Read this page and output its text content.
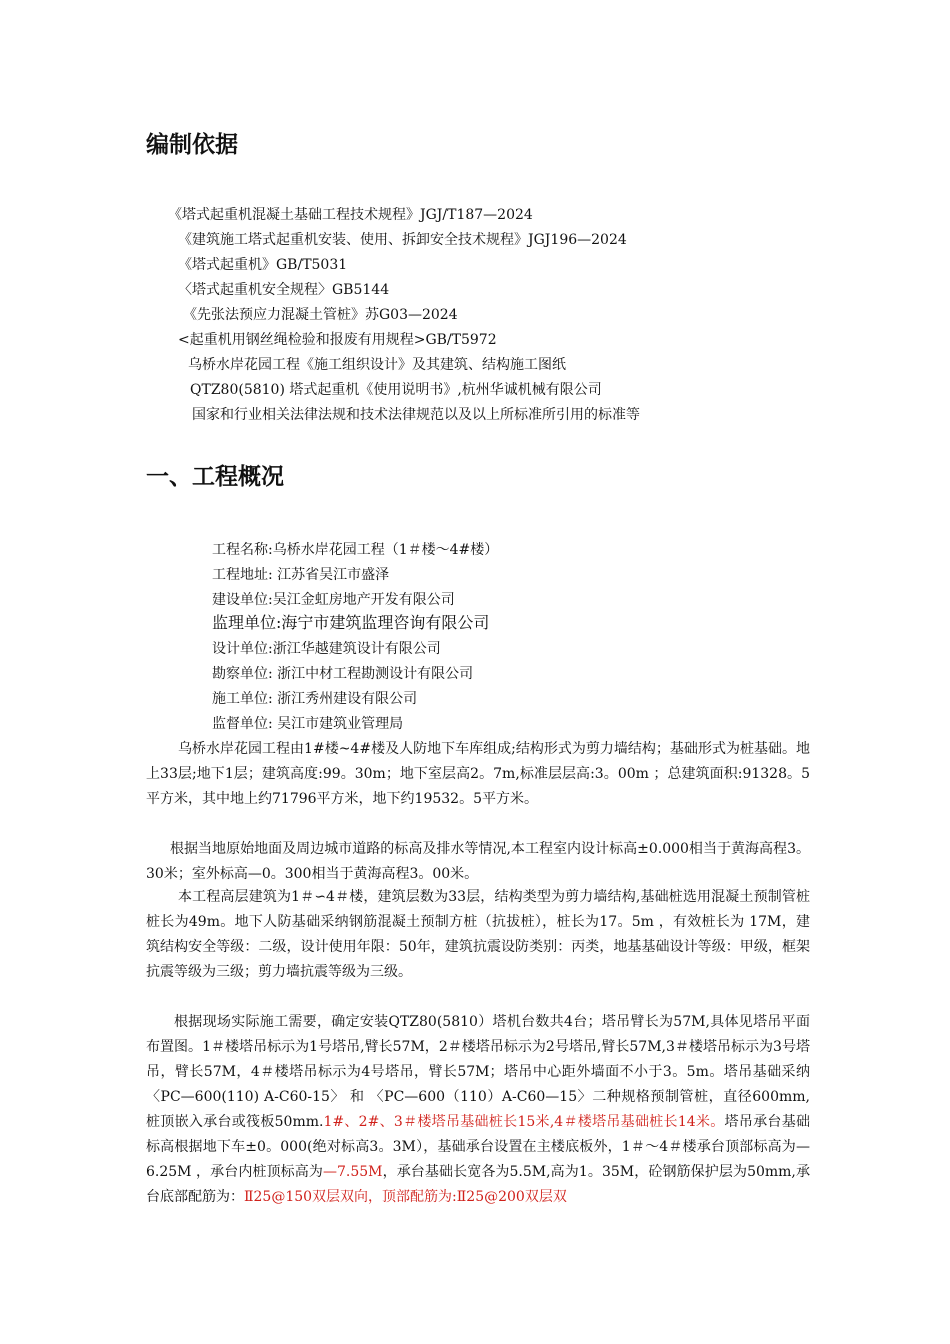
编制依据

《塔式起重机混凝土基础工程技术规程》JGJ/T187—2024

《建筑施工塔式起重机安装、使用、拆卸安全技术规程》JGJ196—2024

《塔式起重机》GB/T5031

〈塔式起重机安全规程〉GB5144

《先张法预应力混凝土管桩》苏G03—2024

<起重机用钢丝绳检验和报废有用规程>GB/T5972

乌桥水岸花园工程《施工组织设计》及其建筑、结构施工图纸

QTZ80(5810) 塔式起重机《使用说明书》,杭州华诚机械有限公司

国家和行业相关法律法规和技术法律规范以及以上所标准所引用的标准等

一、工程概况

工程名称:乌桥水岸花园工程（1＃楼～4#楼）

工程地址: 江苏省吴江市盛泽

建设单位:吴江金虹房地产开发有限公司

监理单位:海宁市建筑监理咨询有限公司

设计单位:浙江华越建筑设计有限公司

勘察单位: 浙江中材工程勘测设计有限公司

施工单位: 浙江秀州建设有限公司

监督单位: 吴江市建筑业管理局

乌桥水岸花园工程由1#楼~4#楼及人防地下车库组成;结构形式为剪力墙结构；基础形式为桩基础。地上33层;地下1层；建筑高度:99。30m；地下室层高2。7m,标准层层高:3。00m ；总建筑面积:91328。5平方米，其中地上约71796平方米，地下约19532。5平方米。

根据当地原始地面及周边城市道路的标高及排水等情况,本工程室内设计标高±0.000相当于黄海高程3。30米；室外标高—0。300相当于黄海高程3。00米。

本工程高层建筑为1＃∽4＃楼，建筑层数为33层，结构类型为剪力墙结构,基础桩选用混凝土预制管桩桩长为49m。地下人防基础采纳钢筋混凝土预制方桩（抗拔桩），桩长为17。5m ，有效桩长为 17M，建筑结构安全等级：二级，设计使用年限：50年，建筑抗震设防类别：丙类，地基基础设计等级：甲级，框架抗震等级为三级；剪力墙抗震等级为三级。

根据现场实际施工需要，确定安装QTZ80(5810）塔机台数共4台；塔吊臂长为57M,具体见塔吊平面布置图。1＃楼塔吊标示为1号塔吊,臂长57M，2＃楼塔吊标示为2号塔吊,臂长57M,3＃楼塔吊标示为3号塔吊，臂长57M，4＃楼塔吊标示为4号塔吊，臂长57M；塔吊中心距外墙面不小于3。5m。塔吊基础采纳〈PC—600(110) A-C60-15〉 和 〈PC—600（110）A-C60—15〉二种规格预制管桩，直径600mm,桩顶嵌入承台或筏板50mm.1#、2#、3＃楼塔吊基础桩长15米,4＃楼塔吊基础桩长14米。塔吊承台基础标高根据地下车±0。000(绝对标高3。3M），基础承台设置在主楼底板外，1＃～4＃楼承台顶部标高为—6.25M ，承台内桩顶标高为—7.55M，承台基础长宽各为5.5M,高为1。35M，砼钢筋保护层为50mm,承台底部配筋为：Ⅱ25@150双层双向，顶部配筋为:Ⅱ25@200双层双
